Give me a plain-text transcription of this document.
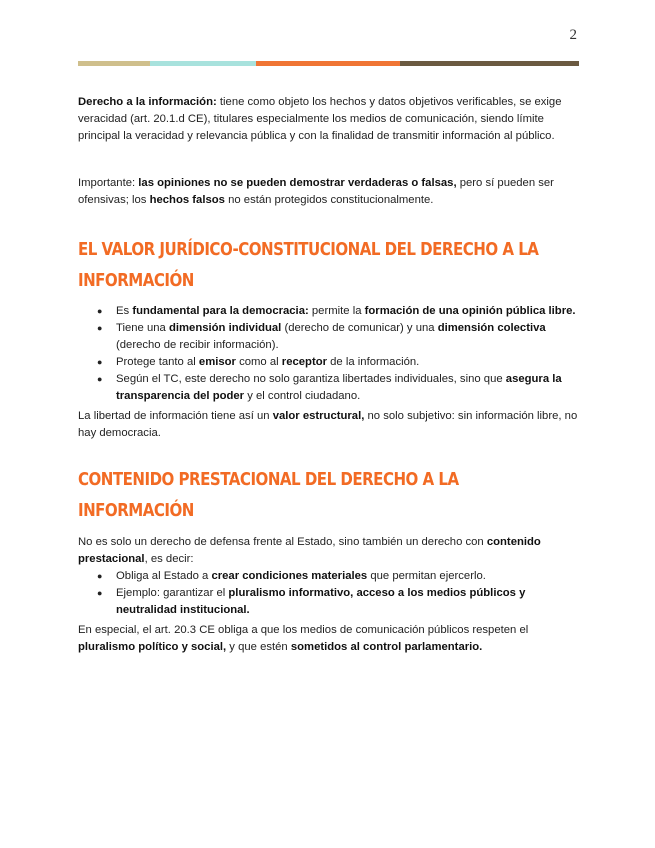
2

Derecho a la información: tiene como objeto los hechos y datos objetivos verificables, se exige veracidad (art. 20.1.d CE), titulares especialmente los medios de comunicación, siendo límite principal la veracidad y relevancia pública y con la finalidad de transmitir información al público.

Importante: las opiniones no se pueden demostrar verdaderas o falsas, pero sí pueden ser ofensivas; los hechos falsos no están protegidos constitucionalmente.

EL VALOR JURÍDICO-CONSTITUCIONAL DEL DERECHO A LA INFORMACIÓN
● Es fundamental para la democracia: permite la formación de una opinión pública libre.
● Tiene una dimensión individual (derecho de comunicar) y una dimensión colectiva (derecho de recibir información).
● Protege tanto al emisor como al receptor de la información.
● Según el TC, este derecho no solo garantiza libertades individuales, sino que asegura la transparencia del poder y el control ciudadano.

La libertad de información tiene así un valor estructural, no solo subjetivo: sin información libre, no hay democracia.

CONTENIDO PRESTACIONAL DEL DERECHO A LA INFORMACIÓN

No es solo un derecho de defensa frente al Estado, sino también un derecho con contenido prestacional, es decir:

● Obliga al Estado a crear condiciones materiales que permitan ejercerlo.
● Ejemplo: garantizar el pluralismo informativo, acceso a los medios públicos y neutralidad institucional.

En especial, el art. 20.3 CE obliga a que los medios de comunicación públicos respeten el pluralismo político y social, y que estén sometidos al control parlamentario.
